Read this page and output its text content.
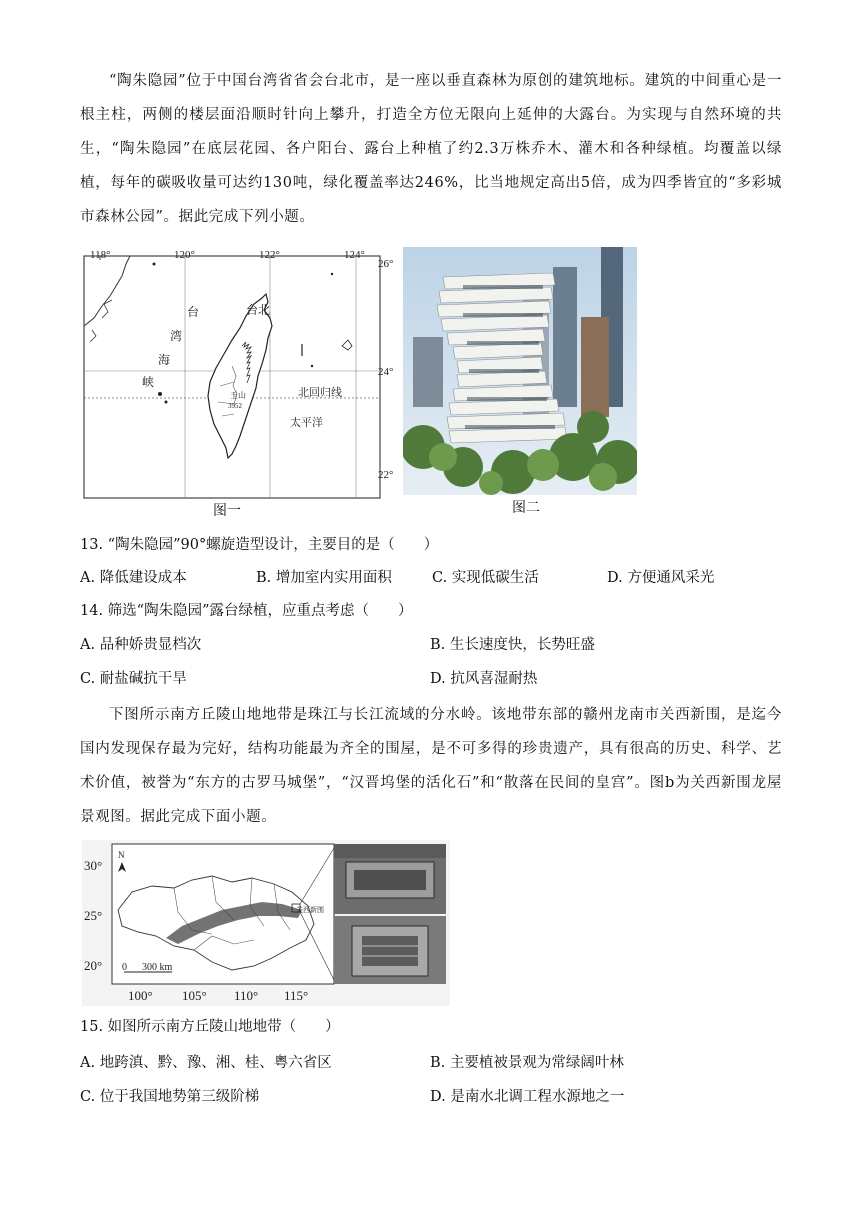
“陶朱隐园”位于中国台湾省省会台北市，是一座以垂直森林为原创的建筑地标。建筑的中间重心是一根主柱，两侧的楼层面沿顺时针向上攀升，打造全方位无限向上延伸的大露台。为实现与自然环境的共生，“陶朱隐园”在底层花园、各户阳台、露台上种植了约2.3万株乔木、灌木和各种绿植。均覆盖以绿植，每年的碳吸收量可达约130吨，绿化覆盖率达246%，比当地规定高出5倍，成为四季皆宜的“多彩城市森林公园”。据此完成下列小题。

118°	120°	122°	124°
26°
24°
22°
台北
台
湾
海
峡
北回归线
太平洋
玉山
3952
图一	图二

13. “陶朱隐园”90°螺旋造型设计，主要目的是（　　）

A. 降低建设成本	B. 增加室内实用面积	C. 实现低碳生活	D. 方便通风采光

14. 筛选“陶朱隐园”露台绿植，应重点考虑（　　）

A. 品种娇贵显档次	B. 生长速度快，长势旺盛
C. 耐盐碱抗干旱	D. 抗风喜湿耐热

下图所示南方丘陵山地地带是珠江与长江流域的分水岭。该地带东部的赣州龙南市关西新围，是迄今国内发现保存最为完好，结构功能最为齐全的围屋，是不可多得的珍贵遗产，具有很高的历史、科学、艺术价值，被誉为“东方的古罗马城堡”，“汉晋坞堡的活化石”和“散落在民间的皇宫”。图b为关西新围龙屋景观图。据此完成下面小题。

30°
25°
20°
100° 105° 110° 115°
N
0 300 km
关西新围

15. 如图所示南方丘陵山地地带（　　）

A. 地跨滇、黔、豫、湘、桂、粤六省区	B. 主要植被景观为常绿阔叶林
C. 位于我国地势第三级阶梯	D. 是南水北调工程水源地之一
